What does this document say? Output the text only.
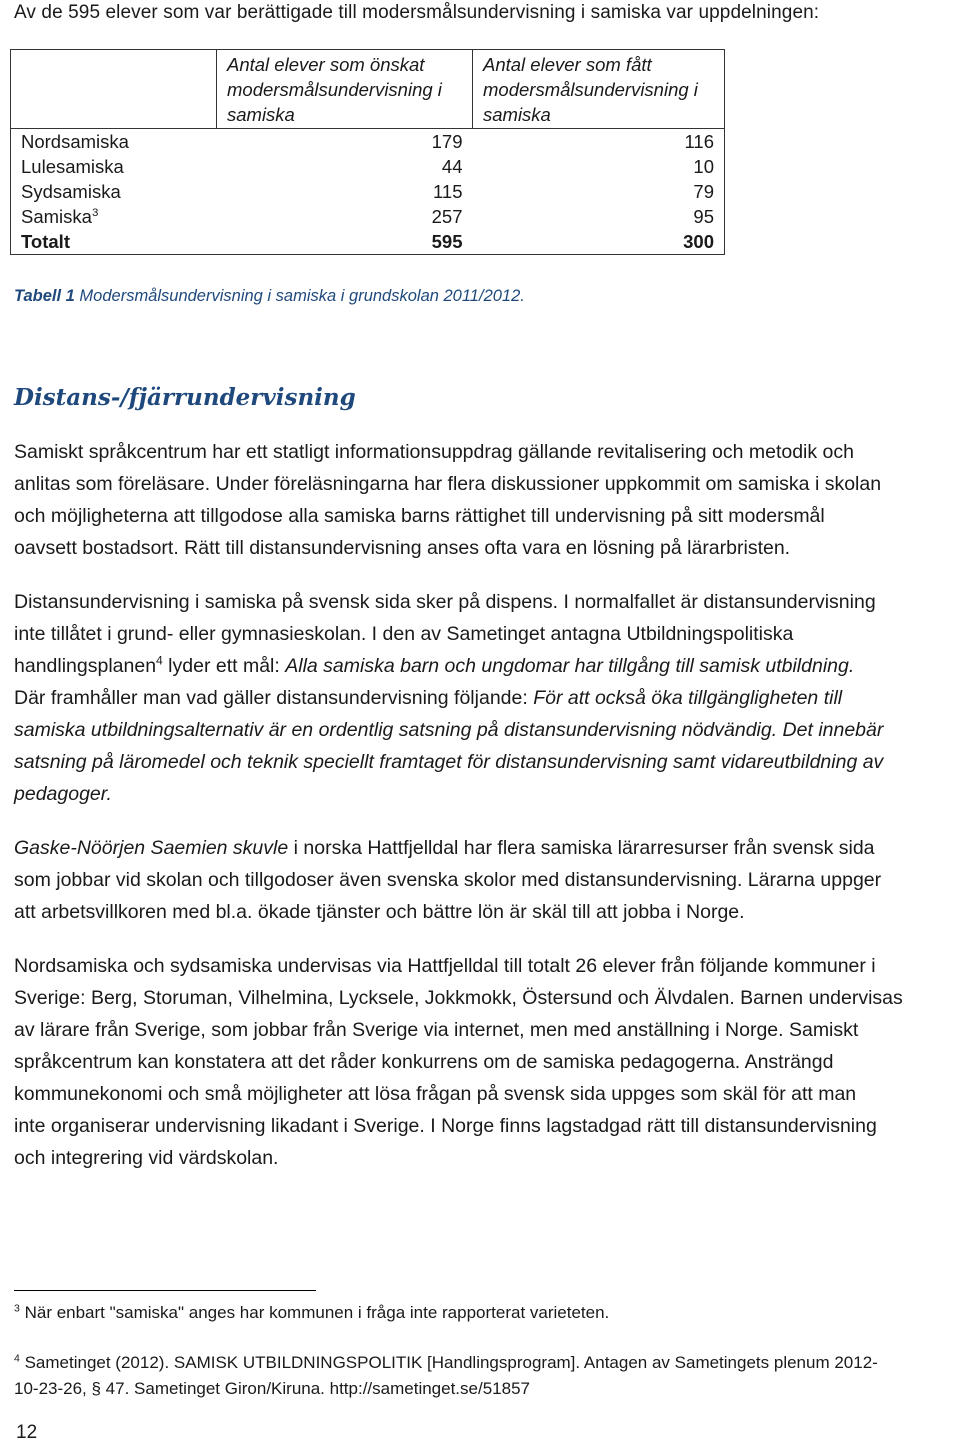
Av de 595 elever som var berättigade till modersmålsundervisning i samiska var uppdelningen:
	Antal elever som önskat modersmålsundervisning i samiska	Antal elever som fått modersmålsundervisning i samiska
Nordsamiska	179	116
Lulesamiska	44	10
Sydsamiska	115	79
Samiska$^3$	257	95
Totalt	595	300
Tabell 1 Modersmålsundervisning i samiska i grundskolan 2011/2012.
Distans-/fjärrundervisning
Samiskt språkcentrum har ett statligt informationsuppdrag gällande revitalisering och metodik och
anlitas som föreläsare. Under föreläsningarna har flera diskussioner uppkommit om samiska i skolan
och möjligheterna att tillgodose alla samiska barns rättighet till undervisning på sitt modersmål
oavsett bostadsort. Rätt till distansundervisning anses ofta vara en lösning på lärarbristen.
Distansundervisning i samiska på svensk sida sker på dispens. I normalfallet är distansundervisning
inte tillåtet i grund- eller gymnasieskolan. I den av Sametinget antagna Utbildningspolitiska
handlingsplanen$^4$ lyder ett mål: Alla samiska barn och ungdomar har tillgång till samisk utbildning.
Där framhåller man vad gäller distansundervisning följande: För att också öka tillgängligheten till
samiska utbildningsalternativ är en ordentlig satsning på distansundervisning nödvändig. Det innebär
satsning på läromedel och teknik speciellt framtaget för distansundervisning samt vidareutbildning av
pedagoger.
Gaske-Nöörjen Saemien skuvle i norska Hattfjelldal har flera samiska lärarresurser från svensk sida
som jobbar vid skolan och tillgodoser även svenska skolor med distansundervisning. Lärarna uppger
att arbetsvillkoren med bl.a. ökade tjänster och bättre lön är skäl till att jobba i Norge.
Nordsamiska och sydsamiska undervisas via Hattfjelldal till totalt 26 elever från följande kommuner i
Sverige: Berg, Storuman, Vilhelmina, Lycksele, Jokkmokk, Östersund och Älvdalen. Barnen undervisas
av lärare från Sverige, som jobbar från Sverige via internet, men med anställning i Norge. Samiskt
språkcentrum kan konstatera att det råder konkurrens om de samiska pedagogerna. Ansträngd
kommunekonomi och små möjligheter att lösa frågan på svensk sida uppges som skäl för att man
inte organiserar undervisning likadant i Sverige. I Norge finns lagstadgad rätt till distansundervisning
och integrering vid värdskolan.
$^3$ När enbart "samiska" anges har kommunen i fråga inte rapporterat varieteten.
$^4$ Sametinget (2012). SAMISK UTBILDNINGSPOLITIK [Handlingsprogram]. Antagen av Sametingets plenum 2012-
10-23-26, § 47. Sametinget Giron/Kiruna. http://sametinget.se/51857
12
